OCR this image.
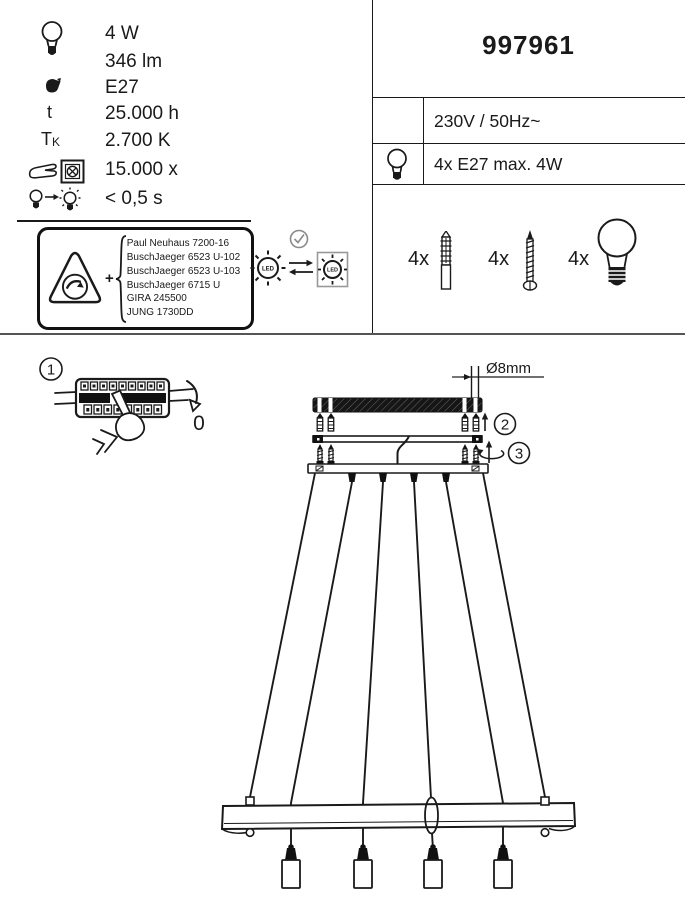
4 W
346 lm
E27
t	25.000 h
TK 2.700 K
15.000 x
< 0,5 s
+
Paul Neuhaus 7200-16
BuschJaeger 6523 U-102
BuschJaeger 6523 U-103
BuschJaeger 6715 U
GIRA 245500
JUNG 1730DD
LED	LED
997961
230V / 50Hz~
4x E27 max. 4W
4x	4x	4x
1
0
Ø8mm
2
3
